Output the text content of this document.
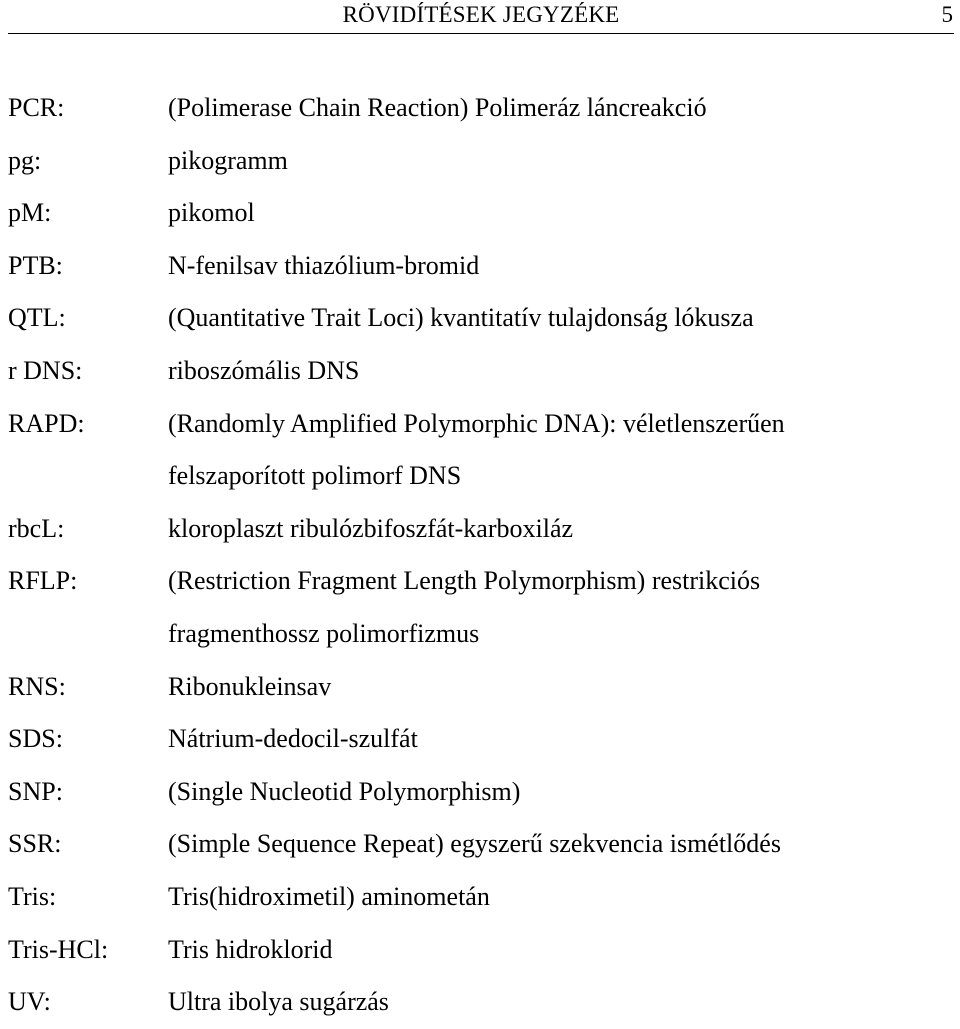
RÖVIDÍTÉSEK JEGYZÉKE	5
PCR:	(Polimerase Chain Reaction) Polimeráz láncreakció
pg:	pikogramm
pM:	pikomol
PTB:	N-fenilsav thiazólium-bromid
QTL:	(Quantitative Trait Loci) kvantitatív tulajdonság lókusza
r DNS:	riboszómális DNS
RAPD:	(Randomly Amplified Polymorphic DNA): véletlenszerűen
felszaporított polimorf DNS
rbcL:	kloroplaszt ribulózbifoszfát-karboxiláz
RFLP:	(Restriction Fragment Length Polymorphism) restrikciós
fragmenthossz polimorfizmus
RNS:	Ribonukleinsav
SDS:	Nátrium-dedocil-szulfát
SNP:	(Single Nucleotid Polymorphism)
SSR:	(Simple Sequence Repeat) egyszerű szekvencia ismétlődés
Tris:	Tris(hidroximetil) aminometán
Tris-HCl:	Tris hidroklorid
UV:	Ultra ibolya sugárzás
